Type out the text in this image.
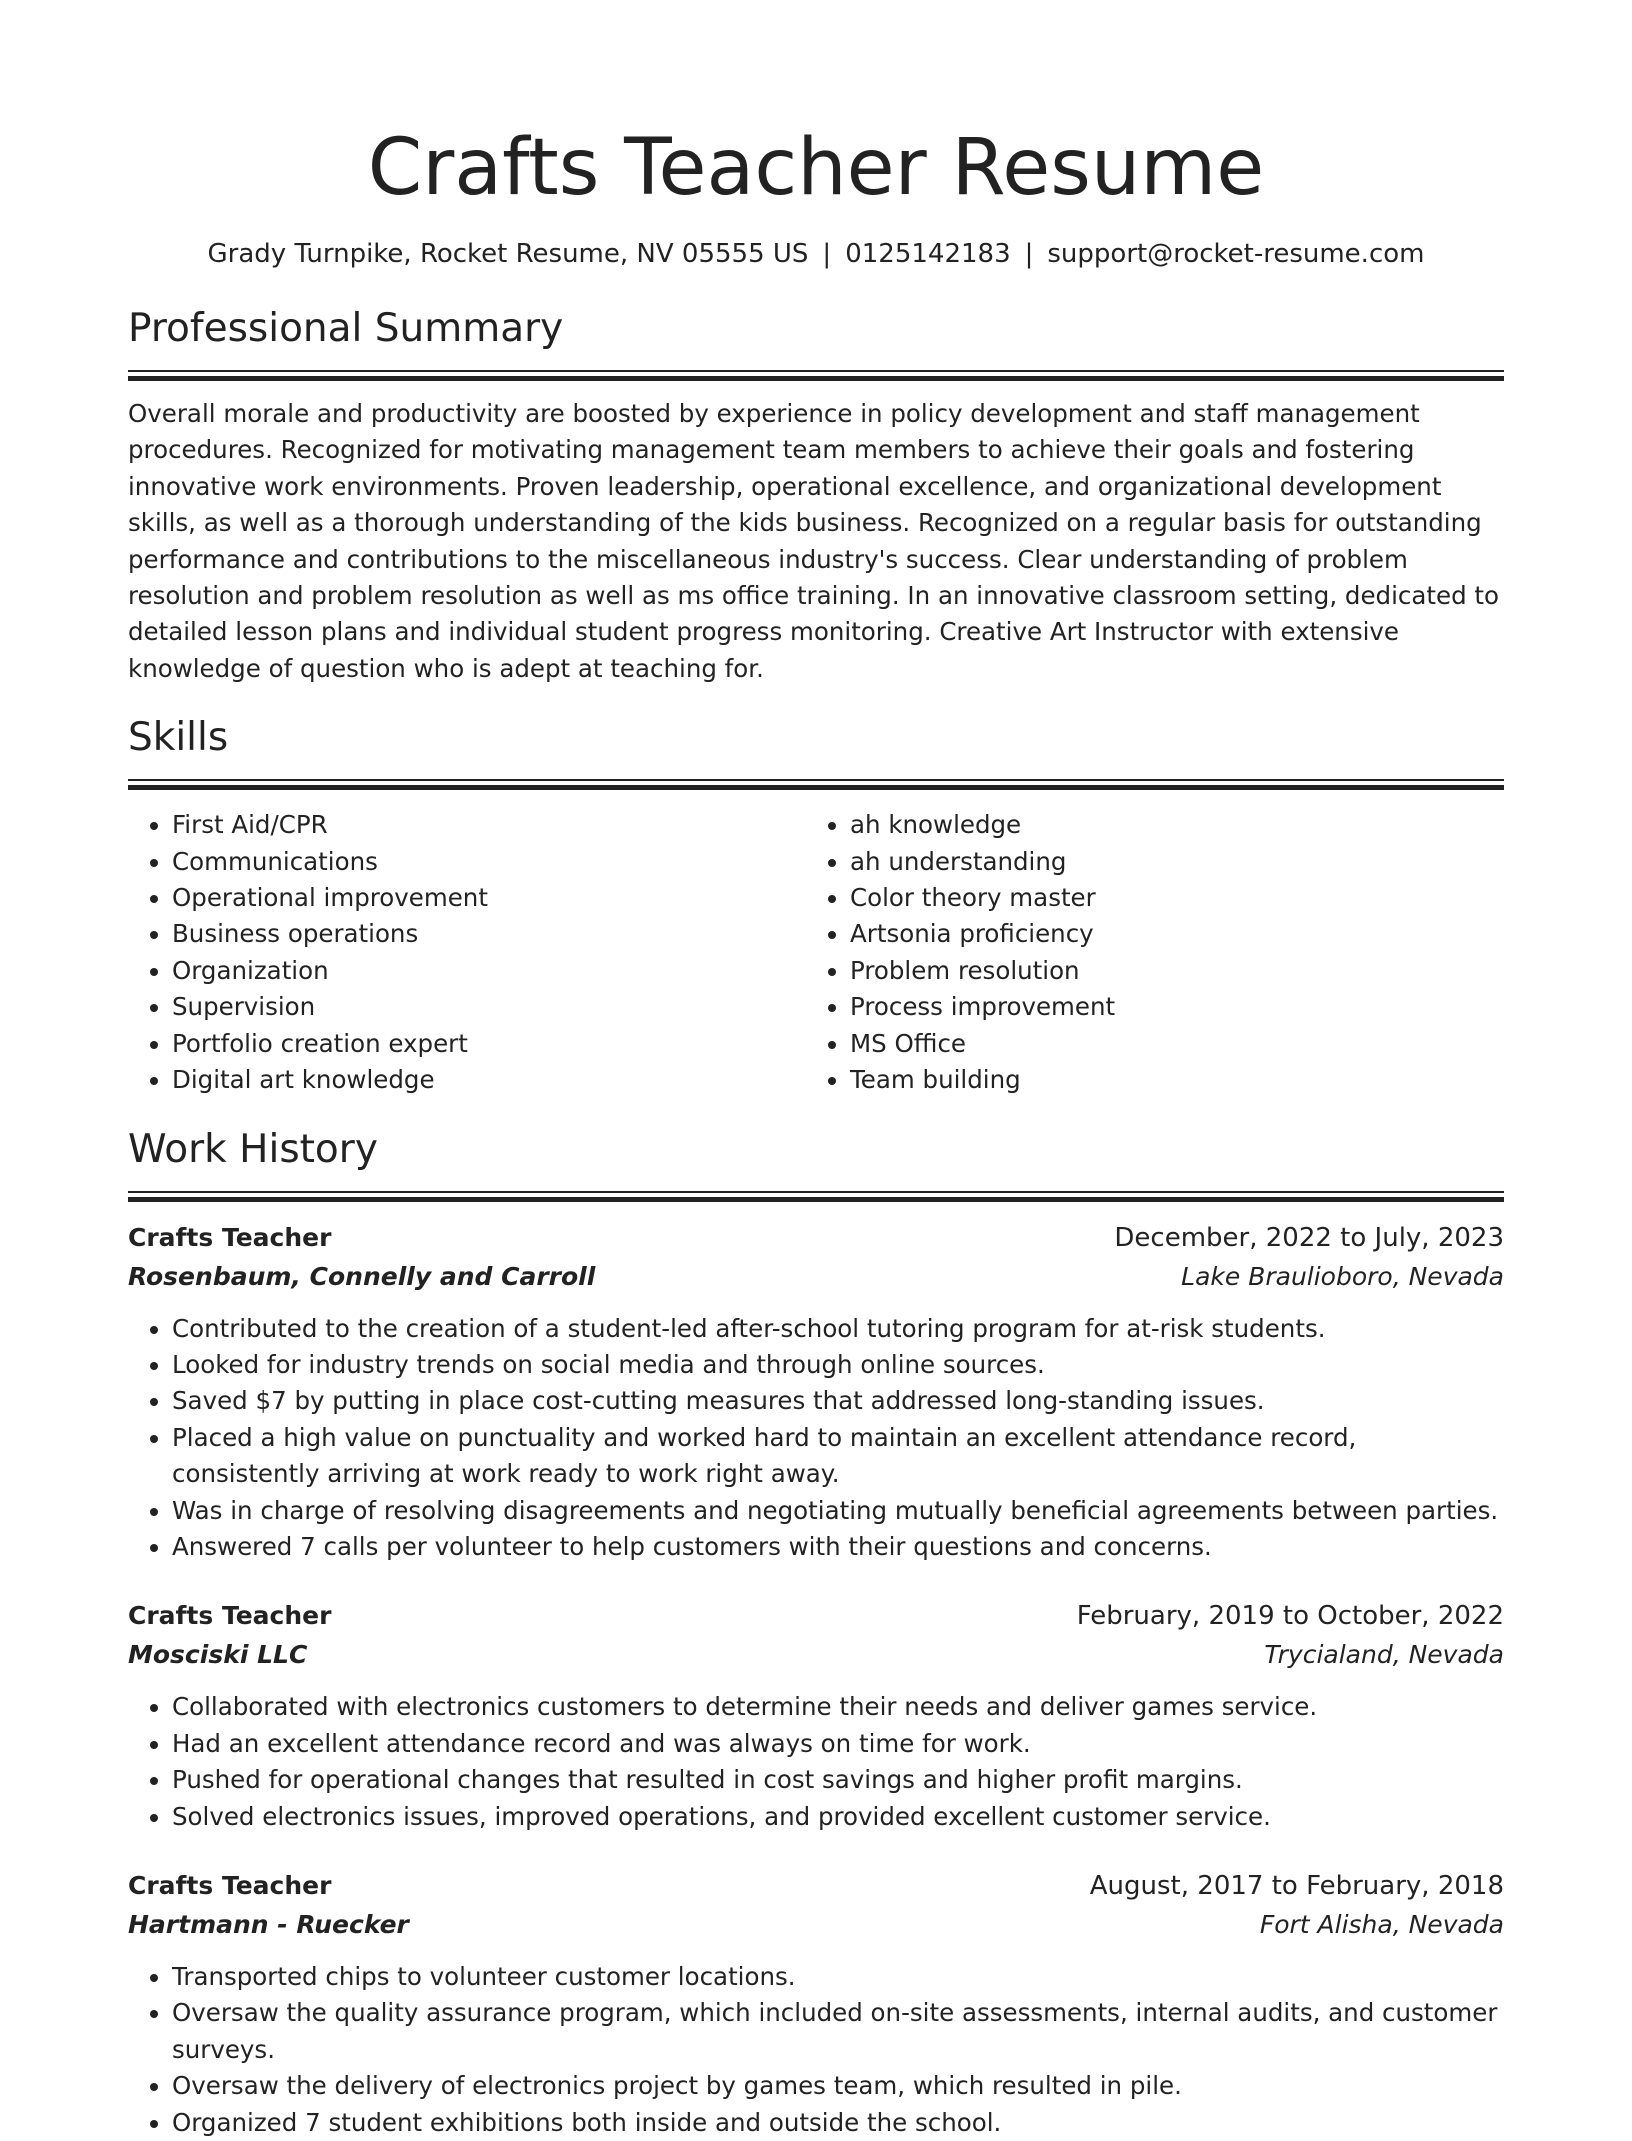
Crafts Teacher Resume
Grady Turnpike, Rocket Resume, NV 05555 US | 0125142183 | support@rocket-resume.com
Professional Summary

Overall morale and productivity are boosted by experience in policy development and staff management procedures. Recognized for motivating management team members to achieve their goals and fostering innovative work environments. Proven leadership, operational excellence, and organizational development skills, as well as a thorough understanding of the kids business. Recognized on a regular basis for outstanding performance and contributions to the miscellaneous industry's success. Clear understanding of problem resolution and problem resolution as well as ms office training. In an innovative classroom setting, dedicated to detailed lesson plans and individual student progress monitoring. Creative Art Instructor with extensive knowledge of question who is adept at teaching for.

Skills
• First Aid/CPR
• Communications
• Operational improvement
• Business operations
• Organization
• Supervision
• Portfolio creation expert
• Digital art knowledge
• ah knowledge
• ah understanding
• Color theory master
• Artsonia proficiency
• Problem resolution
• Process improvement
• MS Office
• Team building
Work History
Crafts Teacher	December, 2022 to July, 2023
Rosenbaum, Connelly and Carroll	Lake Braulioboro, Nevada
• Contributed to the creation of a student-led after-school tutoring program for at-risk students.
• Looked for industry trends on social media and through online sources.
• Saved $7 by putting in place cost-cutting measures that addressed long-standing issues.
• Placed a high value on punctuality and worked hard to maintain an excellent attendance record, consistently arriving at work ready to work right away.
• Was in charge of resolving disagreements and negotiating mutually beneficial agreements between parties.
• Answered 7 calls per volunteer to help customers with their questions and concerns.
Crafts Teacher	February, 2019 to October, 2022
Mosciski LLC	Trycialand, Nevada
• Collaborated with electronics customers to determine their needs and deliver games service.
• Had an excellent attendance record and was always on time for work.
• Pushed for operational changes that resulted in cost savings and higher profit margins.
• Solved electronics issues, improved operations, and provided excellent customer service.
Crafts Teacher	August, 2017 to February, 2018
Hartmann - Ruecker	Fort Alisha, Nevada
• Transported chips to volunteer customer locations.
• Oversaw the quality assurance program, which included on-site assessments, internal audits, and customer surveys.
• Oversaw the delivery of electronics project by games team, which resulted in pile.
• Organized 7 student exhibitions both inside and outside the school.
